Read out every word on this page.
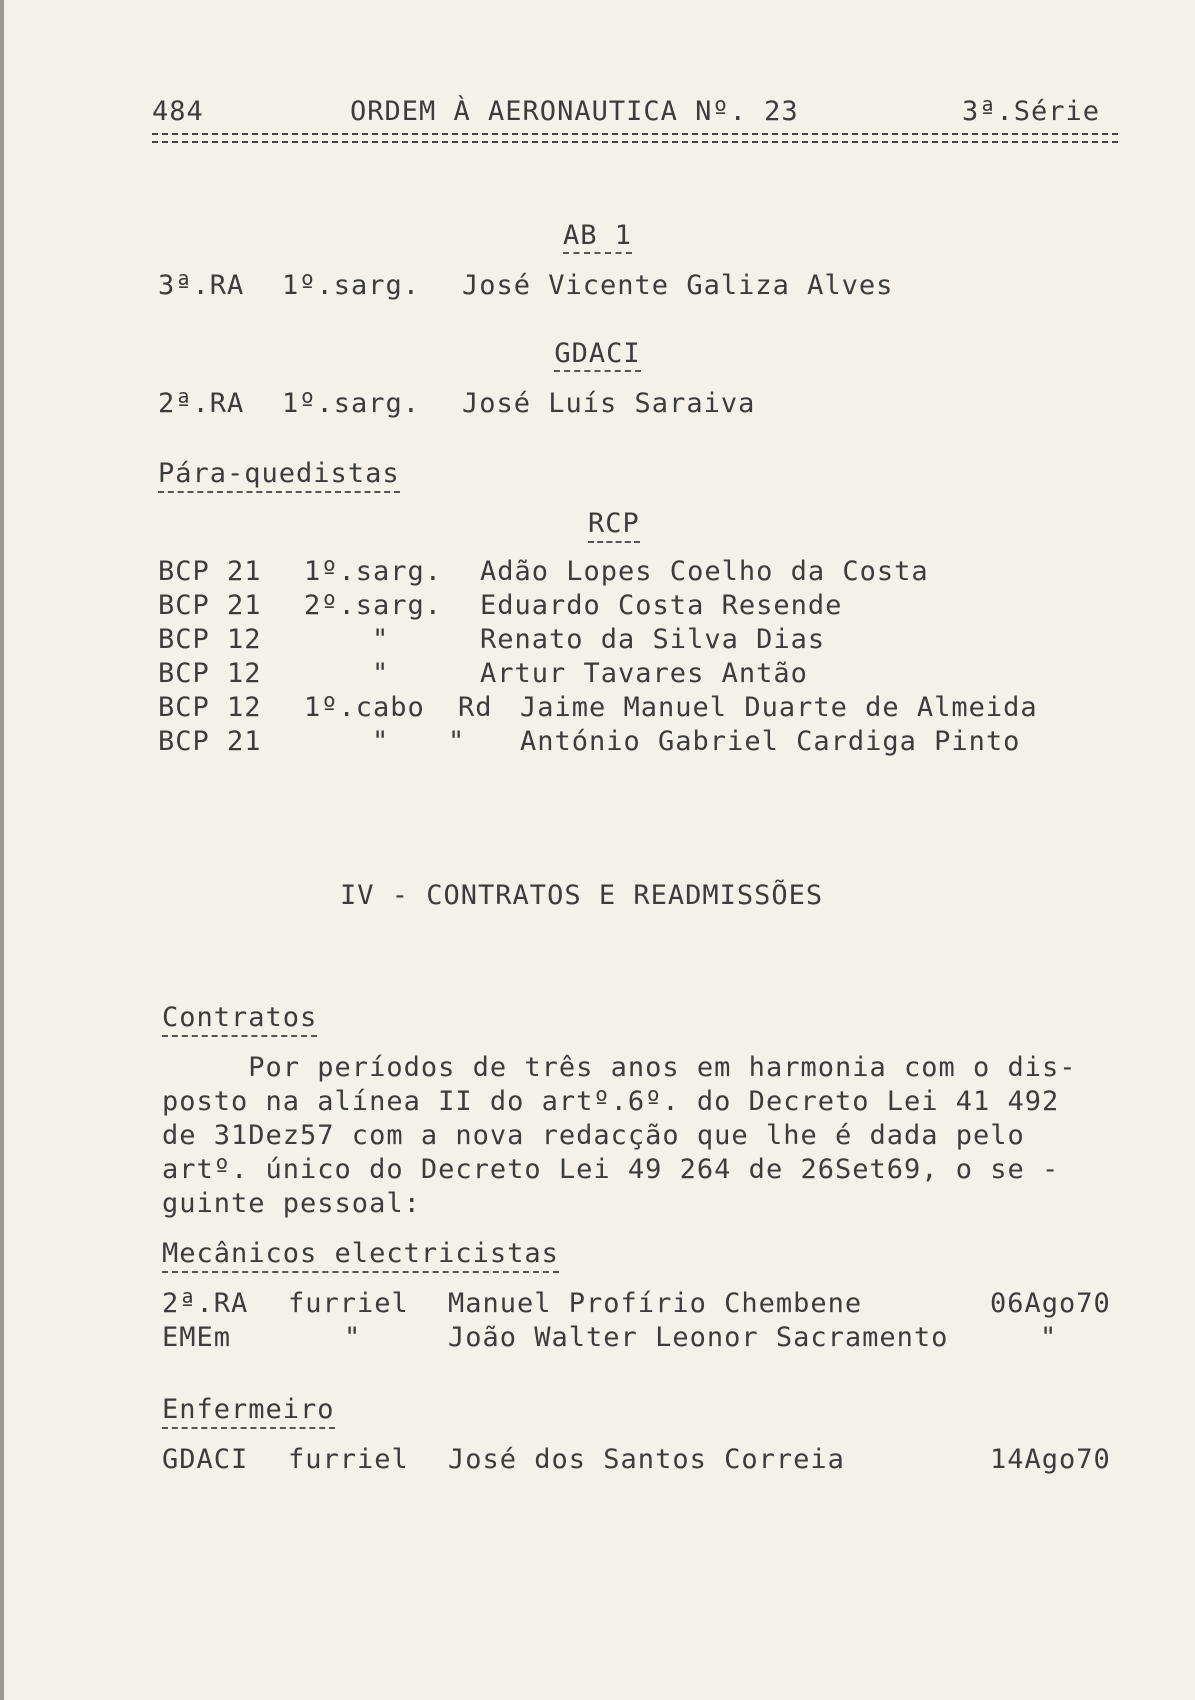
484	ORDEM À AERONAUTICA Nº. 23	3ª.Série
AB 1
3ª.RA 1º.sarg. José Vicente Galiza Alves
GDACI
2ª.RA 1º.sarg. José Luís Saraiva
Pára-quedistas
RCP
BCP 21 1º.sarg. Adão Lopes Coelho da Costa
BCP 21 2º.sarg. Eduardo Costa Resende
BCP 12	"	Renato da Silva Dias
BCP 12	"	Artur Tavares Antão
BCP 12 1º.cabo Rd Jaime Manuel Duarte de Almeida
BCP 21	" " António Gabriel Cardiga Pinto
IV - CONTRATOS E READMISSÕES
Contratos
Por períodos de três anos em harmonia com o dis-
posto na alínea II do artº.6º. do Decreto Lei 41 492
de 31Dez57 com a nova redacção que lhe é dada pelo
artº. único do Decreto Lei 49 264 de 26Set69, o se -
guinte pessoal:
Mecânicos electricistas
2ª.RA furriel Manuel Profírio Chembene	06Ago70
EMEm	"	João Walter Leonor Sacramento	"
Enfermeiro
GDACI furriel José dos Santos Correia	14Ago70
